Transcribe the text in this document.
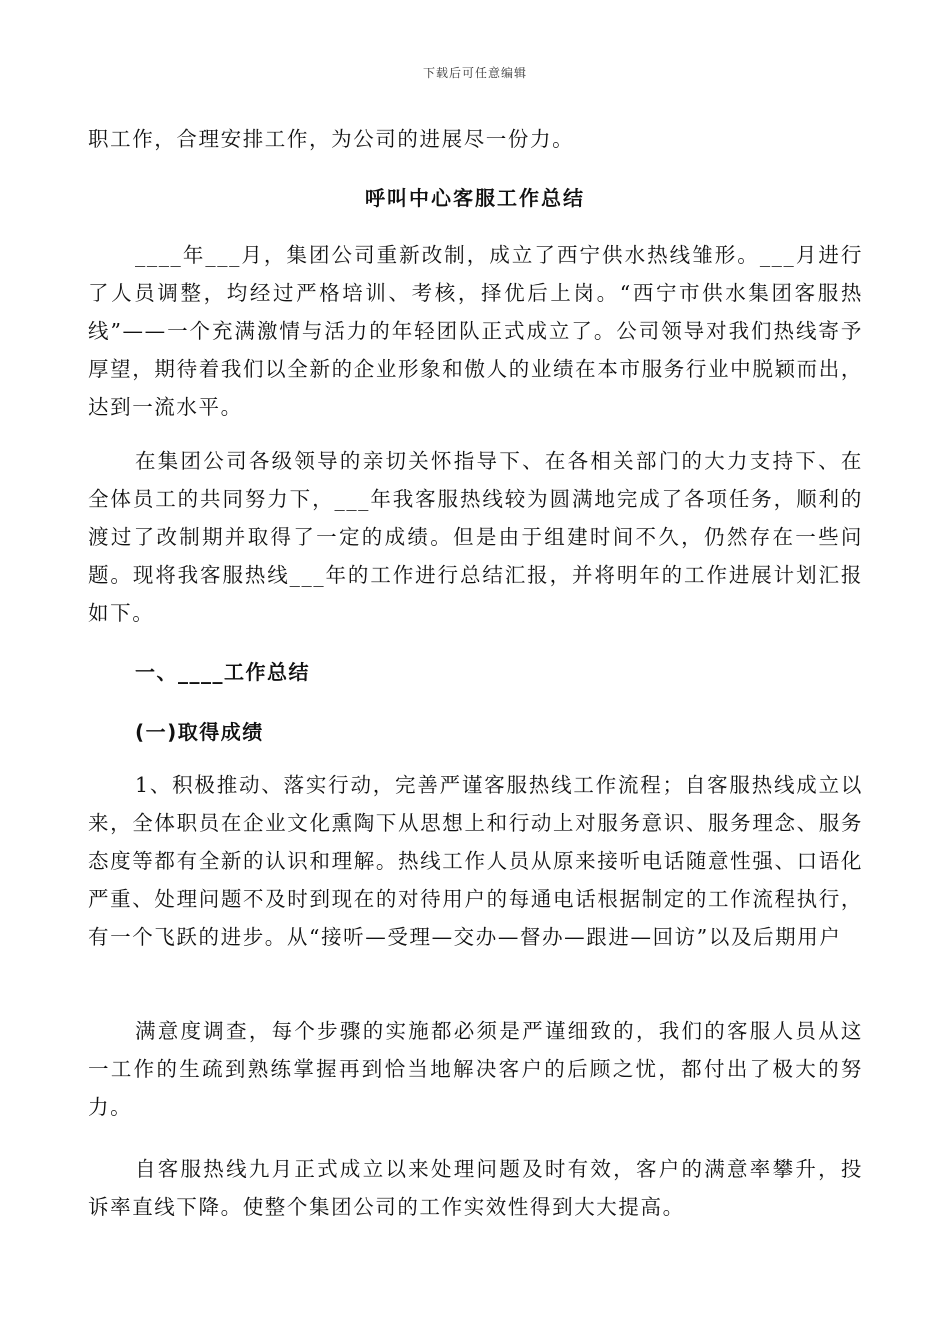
下载后可任意编辑
职工作，合理安排工作，为公司的进展尽一份力。
呼叫中心客服工作总结
____年___月，集团公司重新改制，成立了西宁供水热线雏形。___月进行了人员调整，均经过严格培训、考核，择优后上岗。“西宁市供水集团客服热线”——一个充满激情与活力的年轻团队正式成立了。公司领导对我们热线寄予厚望，期待着我们以全新的企业形象和傲人的业绩在本市服务行业中脱颖而出，达到一流水平。
在集团公司各级领导的亲切关怀指导下、在各相关部门的大力支持下、在全体员工的共同努力下，___年我客服热线较为圆满地完成了各项任务，顺利的渡过了改制期并取得了一定的成绩。但是由于组建时间不久，仍然存在一些问题。现将我客服热线___年的工作进行总结汇报，并将明年的工作进展计划汇报如下。
一、____工作总结
(一)取得成绩
1、积极推动、落实行动，完善严谨客服热线工作流程；自客服热线成立以来，全体职员在企业文化熏陶下从思想上和行动上对服务意识、服务理念、服务态度等都有全新的认识和理解。热线工作人员从原来接听电话随意性强、口语化严重、处理问题不及时到现在的对待用户的每通电话根据制定的工作流程执行，有一个飞跃的进步。从“接听—受理—交办—督办—跟进—回访”以及后期用户
满意度调查，每个步骤的实施都必须是严谨细致的，我们的客服人员从这一工作的生疏到熟练掌握再到恰当地解决客户的后顾之忧，都付出了极大的努力。
自客服热线九月正式成立以来处理问题及时有效，客户的满意率攀升，投诉率直线下降。使整个集团公司的工作实效性得到大大提高。
